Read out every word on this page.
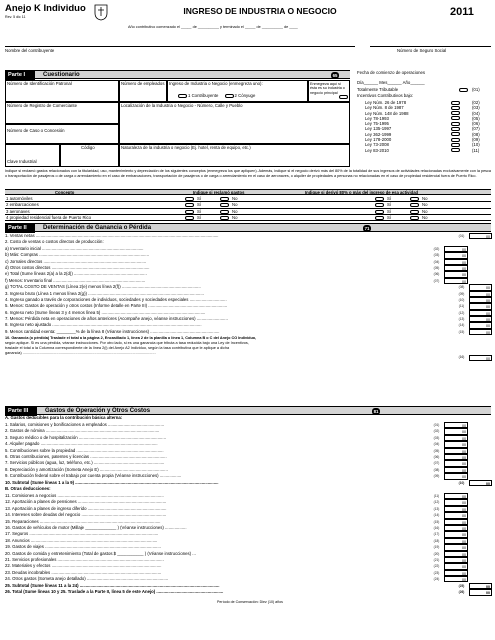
Anejo K Individuo
Rev. 5 dic 11
INGRESO DE INDUSTRIA O NEGOCIO	2011
Año contributivo comenzado el _____ de __________ y terminado el _____ de __________ de ____
Nombre del contribuyente	Número de Seguro Social
Parte I	Cuestionario	65
Número de Identificación Patronal	Número de empleados	Ingreso de Industria o Negocio (enmegreza uno):
1 Contribuyente	2 Cónyuge
Enmegreza aquí si ésta es su industria o negocio principal
Número de Registro de Comerciante	Localización de la Industria o Negocio - Número, Calle y Pueblo
Número de Caso o Concesión
Clave Industrial
Código	Naturaleza de la industria o negocio (Ej. hotel, renta de equipo, etc.)
Fecha de comienzo de operaciones
Día______ Mes______ Año______
Totalmente Tributable	(01)
Incentivos Contributivos bajo:
Ley Núm. 26 de 1978	(02)
Ley Núm. 8 de 1987	(03)
Ley Núm. 148 de 1988	(04)
Ley 78-1993	(05)
Ley 75-1995	(06)
Ley 135-1997	(07)
Ley 362-1999	(08)
Ley 178-2000	(09)
Ley 73-2008	(10)
Ley 83-2010	(11)
Indique si reclamó gastos relacionados con la titularidad, uso, mantenimiento y depreciación de los siguientes conceptos (enmegreza los que apliquen). Además, indique si el negocio derivó más del 80% de la totalidad de sus ingresos de actividades relacionadas exclusivamente con la pesca o transportación de pasajeros o de carga o arrendamiento en el caso de embarcaciones, transportación de pasajeros o de carga o arrendamiento en el caso de aeronaves, o alquiler de propiedades a personas no relacionadas en el caso de propiedad residencial fuera de Puerto Rico.
Concepto	Indique si reclamó gastos	Indique si derivó 80% o más del ingreso de esa actividad
1 automóviles	Sí	No	Sí	No
2 embarcaciones	Sí	No	Sí	No
3 aeronaves	Sí	No	Sí	No
4 propiedad residencial fuera de Puerto Rico	Sí	No	Sí	No
Parte II	Determinación de Ganancia o Pérdida	71
1. Ventas netas .........................................................................................................................................................	(01)	00
2. Costo de ventas o costos directos de producción:
a) Inventario inicial .....................................................................................	(02)	00
b) Más: Compras ............................................................................................	(03)	00
c) Jornales directos ......................................................................................	(04)	00
d) Otros costos directos ..................................................................................	(05)	00
e) Total (Sume líneas 2(a) a la 2(d)) .............................................................	(06)	00
f) Menos: Inventario final .............................................................................	(07)	00
g) TOTAL COSTO DE VENTAS (Línea 2(e) menos línea 2(f)) ..................................................................	(08)	00
3. Ingreso bruto (Línea 1 menos línea 2(g)) .................................................................................................	(09)	00
4. Ingreso ganado a través de corporaciones de individuos, sociedades y sociedades especiales ...............................	(10)	00
5. Menos: Gastos de operación y otros costos (Informe detalle en Parte III) ..................................................................	(11)	00
6. Ingreso neto (Sume líneas 3 y 4 menos línea 5) .......................................................................................	(12)	00
7. Menos: Pérdida neta en operaciones de años anteriores (Acompañe anejo, véanse instrucciones) ..........................	(13)	00
8. Ingreso neto ajustado .............................................................................................................................	(14)	00
9. Menos cantidad exenta: ________% de la línea 8 (Véanse instrucciones) ..........................................................	(15)	00
10. Ganancia (o pérdida) Traslade el total a la página 2, Encasillado 1, línea 2 de la planilla o línea 1, Columna B o C del Anejo CO Individuo,
según aplique. Si es una pérdida, véanse instrucciones. Por otro lado, si es una ganancia que tributa a tasa reducida bajo una Ley de Incentivos,
traslade el total a la Columna correspondiente de la línea 2(i) del Anejo A2 Individuo, según la tasa contributiva que le aplique a dicha
ganancia) ..............................................................................................................................
(16)	00
Parte III	Gastos de Operación y Otros Costos	81
A. Gastos deducibles para la contribución básica alterna:
1. Salarios, comisiones y bonificaciones a empleados ...............................................	(01)	00
2. Gastos de nómina ...............................................................................................	(02)	00
3. Seguro médico o de hospitalización .........................................................................	(03)	00
4. Alquiler pagado ..................................................................................................	(04)	00
5. Contribuciones sobre la propiedad .........................................................................	(05)	00
6. Otras contribuciones, patentes y licencias ................................................................	(06)	00
7. Servicios públicos (agua, luz, teléfono, etc.) ...........................................................	(07)	00
8. Depreciación y amortización (Someta Anejo E) .........................................................	(08)	00
9. Contribución federal sobre el trabajo por cuenta propia (Véanse instrucciones) ..................	(09)	00
10. Subtotal (Sume líneas 1 a la 9) ........................................................................................................................	(10)	00
B. Otras deducciones:
11. Comisiones a negocios .........................................................................................	(11)	00
12. Aportación a planes de pensiones ..........................................................................	(12)	00
13. Aportación a planes de ingreso diferido ..................................................................	(13)	00
14. Intereses sobre deudas del negocio .......................................................................	(14)	00
15. Reparaciones .....................................................................................................	(15)	00
16. Gastos de vehículos de motor (Millaje _____________ ) (Véanse instrucciones) ..................	(16)	00
17. Seguros ............................................................................................................	(17)	00
18. Anuncios ..........................................................................................................	(18)	00
19. Gastos de viajes .................................................................................................	(19)	00
20. Gastos de comida y entretenimiento (Total de gastos $ ___________ ) (Véanse instrucciones) ...	(20)	00
21. Servicios profesionales .........................................................................................	(21)	00
22. Materiales y efectos ............................................................................................	(22)	00
23. Deudas incobrables ............................................................................................	(23)	00
24. Otros gastos (Someta anejo detallado) ....................................................................	(24)	00
25. Subtotal (Sume líneas 11 a la 24) .....................................................................................................................	(25)	00
26. Total (Sume líneas 10 y 25. Traslade a la Parte II, línea 5 de este Anejo) ........................................................	(26)	00
Período de Conservación: Diez (10) años
